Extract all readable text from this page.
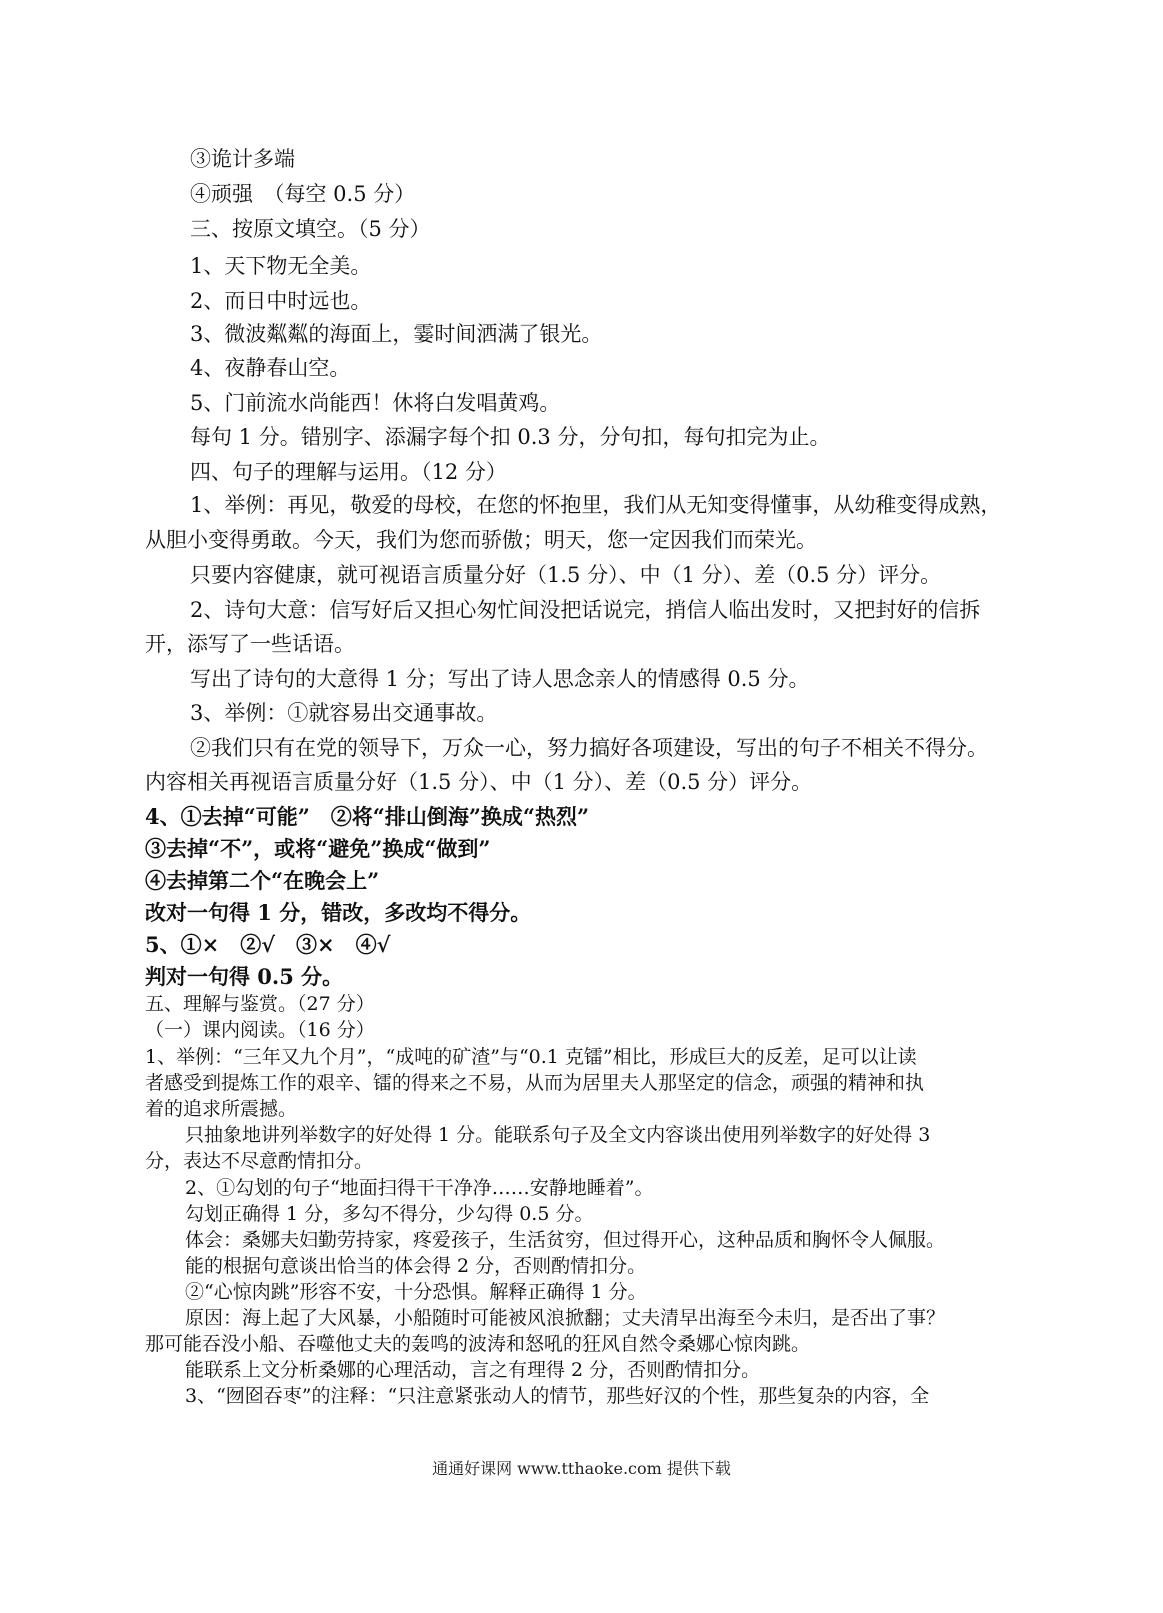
③诡计多端
④顽强　（每空 0.5 分）
三、按原文填空。（5 分）
1、天下物无全美。
2、而日中时远也。
3、微波粼粼的海面上，霎时间洒满了银光。
4、夜静春山空。
5、门前流水尚能西！休将白发唱黄鸡。
每句 1 分。错别字、添漏字每个扣 0.3 分，分句扣，每句扣完为止。
四、句子的理解与运用。（12 分）
1、举例：再见，敬爱的母校，在您的怀抱里，我们从无知变得懂事，从幼稚变得成熟，
从胆小变得勇敢。今天，我们为您而骄傲；明天，您一定因我们而荣光。
只要内容健康，就可视语言质量分好（1.5 分）、中（1 分）、差（0.5 分）评分。
2、诗句大意：信写好后又担心匆忙间没把话说完，捎信人临出发时，又把封好的信拆
开，添写了一些话语。
写出了诗句的大意得 1 分；写出了诗人思念亲人的情感得 0.5 分。
3、举例：①就容易出交通事故。
②我们只有在党的领导下，万众一心，努力搞好各项建设，写出的句子不相关不得分。
内容相关再视语言质量分好（1.5 分）、中（1 分）、差（0.5 分）评分。
4、①去掉“可能”　②将“排山倒海”换成“热烈”
③去掉“不”，或将“避免”换成“做到”
④去掉第二个“在晚会上”
改对一句得 1 分，错改，多改均不得分。
5、①×　②√　③×　④√
判对一句得 0.5 分。
五、理解与鉴赏。（27 分）
（一）课内阅读。（16 分）
1、举例：“三年又九个月”，“成吨的矿渣”与“0.1 克镭”相比，形成巨大的反差，足可以让读
者感受到提炼工作的艰辛、镭的得来之不易，从而为居里夫人那坚定的信念，顽强的精神和执
着的追求所震撼。
只抽象地讲列举数字的好处得 1 分。能联系句子及全文内容谈出使用列举数字的好处得 3
分，表达不尽意酌情扣分。
2、①勾划的句子“地面扫得干干净净……安静地睡着”。
勾划正确得 1 分，多勾不得分，少勾得 0.5 分。
体会：桑娜夫妇勤劳持家，疼爱孩子，生活贫穷，但过得开心，这种品质和胸怀令人佩服。
能的根据句意谈出恰当的体会得 2 分，否则酌情扣分。
②“心惊肉跳”形容不安，十分恐惧。解释正确得 1 分。
原因：海上起了大风暴，小船随时可能被风浪掀翻；丈夫清早出海至今未归，是否出了事？
那可能吞没小船、吞噬他丈夫的轰鸣的波涛和怒吼的狂风自然令桑娜心惊肉跳。
能联系上文分析桑娜的心理活动，言之有理得 2 分，否则酌情扣分。
3、“囫囵吞枣”的注释：“只注意紧张动人的情节，那些好汉的个性，那些复杂的内容，全
通通好课网 www.tthaoke.com 提供下载
